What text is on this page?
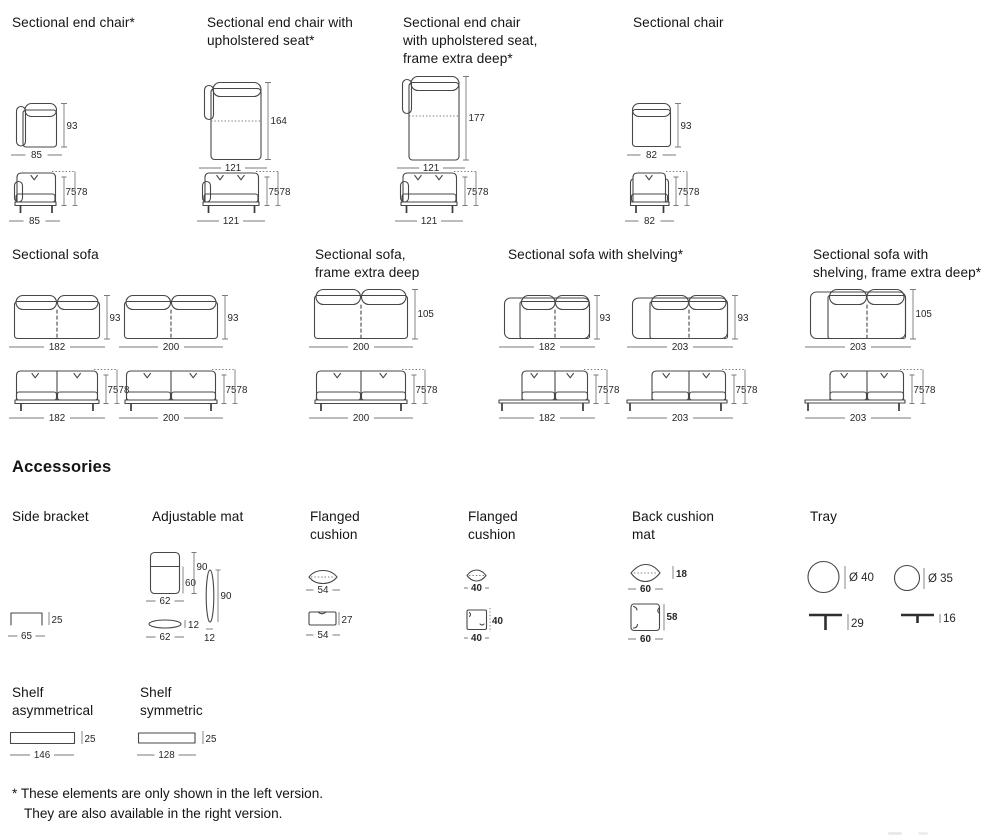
Sectional end chair*	Sectional end chair with upholstered seat*
Sectional end chair with upholstered seat, frame extra deep*
Sectional chair
93
85
75 78
85
164
121
75 78
121
177
121
75 78
121
93
82
75 78
82
Sectional sofa	Sectional sofa, frame extra deep
Sectional sofa with shelving*	Sectional sofa with shelving, frame extra deep*
93
182
75 78
182
93
200
75 78
200
105
200
75 78
200
93
182
75 78
182
93
203
75 78
203
105
203
75 78
203
Accessories
Side bracket	Adjustable mat	Flanged cushion
Flanged cushion
Back cushion mat
Tray
25
65
60
90
62
12
62
90
12
54
27
54
40
40
40
18
60
58
60
Ø 40	Ø 35
29	16
Shelf asymmetrical
Shelf symmetric
25
146
25
128
* These elements are only shown in the left version.
They are also available in the right version.
